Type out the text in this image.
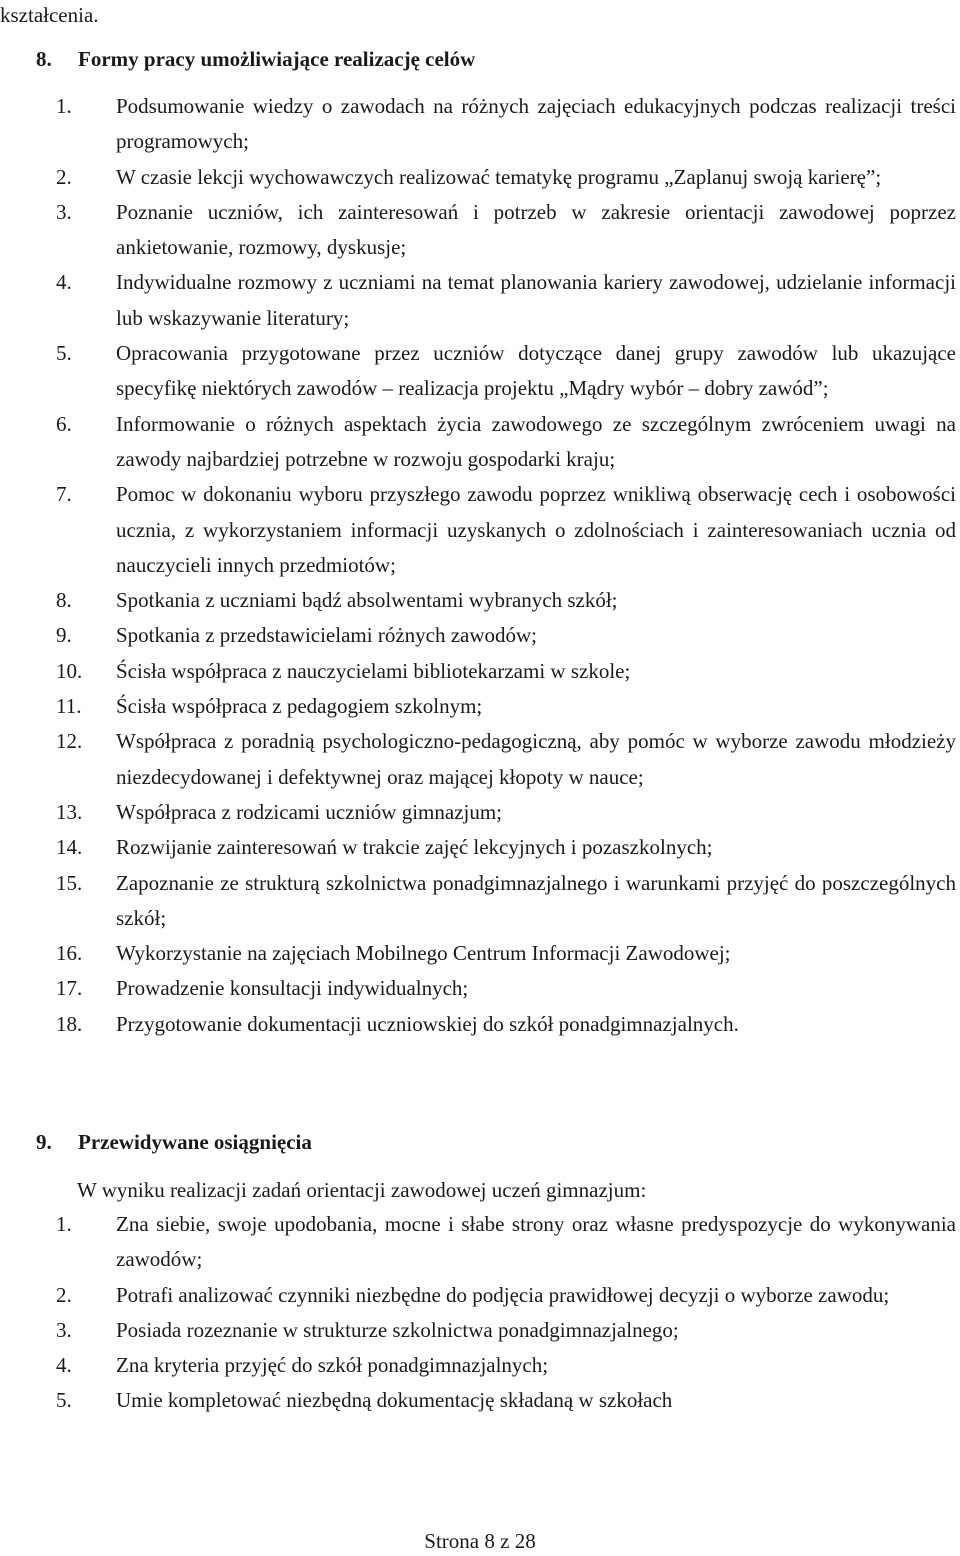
kształcenia.
8. Formy pracy umożliwiające realizację celów
1. Podsumowanie wiedzy o zawodach na różnych zajęciach edukacyjnych podczas realizacji treści programowych;
2. W czasie lekcji wychowawczych realizować tematykę programu „Zaplanuj swoją karierę”;
3. Poznanie uczniów, ich zainteresowań i potrzeb w zakresie orientacji zawodowej poprzez ankietowanie, rozmowy, dyskusje;
4. Indywidualne rozmowy z uczniami na temat planowania kariery zawodowej, udzielanie informacji lub wskazywanie literatury;
5. Opracowania przygotowane przez uczniów dotyczące danej grupy zawodów lub ukazujące specyfikę niektórych zawodów – realizacja projektu „Mądry wybór – dobry zawód”;
6. Informowanie o różnych aspektach życia zawodowego ze szczególnym zwróceniem uwagi na zawody najbardziej potrzebne w rozwoju gospodarki kraju;
7. Pomoc w dokonaniu wyboru przyszłego zawodu poprzez wnikliwą obserwację cech i osobowości ucznia, z wykorzystaniem informacji uzyskanych o zdolnościach i zainteresowaniach ucznia od nauczycieli innych przedmiotów;
8. Spotkania z uczniami bądź absolwentami wybranych szkół;
9. Spotkania z przedstawicielami różnych zawodów;
10. Ścisła współpraca z nauczycielami bibliotekarzami w szkole;
11. Ścisła współpraca z pedagogiem szkolnym;
12. Współpraca z poradnią psychologiczno-pedagogiczną, aby pomóc w wyborze zawodu młodzieży niezdecydowanej i defektywnej oraz mającej kłopoty w nauce;
13. Współpraca z rodzicami uczniów gimnazjum;
14. Rozwijanie zainteresowań w trakcie zajęć lekcyjnych i pozaszkolnych;
15. Zapoznanie ze strukturą szkolnictwa ponadgimnazjalnego i warunkami przyjęć do poszczególnych szkół;
16. Wykorzystanie na zajęciach Mobilnego Centrum Informacji Zawodowej;
17. Prowadzenie konsultacji indywidualnych;
18. Przygotowanie dokumentacji uczniowskiej do szkół ponadgimnazjalnych.
9. Przewidywane osiągnięcia
W wyniku realizacji zadań orientacji zawodowej uczeń gimnazjum:
1. Zna siebie, swoje upodobania, mocne i słabe strony oraz własne predyspozycje do wykonywania zawodów;
2. Potrafi analizować czynniki niezbędne do podjęcia prawidłowej decyzji o wyborze zawodu;
3. Posiada rozeznanie w strukturze szkolnictwa ponadgimnazjalnego;
4. Zna kryteria przyjęć do szkół ponadgimnazjalnych;
5. Umie kompletować niezbędną dokumentację składaną w szkołach
Strona 8 z 28
